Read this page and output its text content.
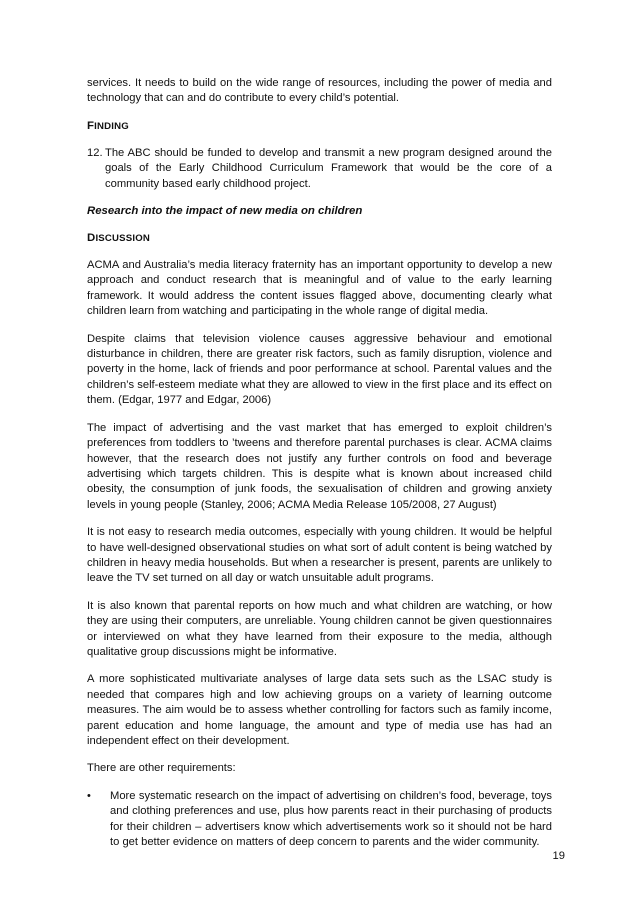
services. It needs to build on the wide range of resources, including the power of media and technology that can and do contribute to every child’s potential.

FINDING

12. The ABC should be funded to develop and transmit a new program designed around the goals of the Early Childhood Curriculum Framework that would be the core of a community based early childhood project.

Research into the impact of new media on children
DISCUSSION

ACMA and Australia’s media literacy fraternity has an important opportunity to develop a new approach and conduct research that is meaningful and of value to the early learning framework. It would address the content issues flagged above, documenting clearly what children learn from watching and participating in the whole range of digital media.

Despite claims that television violence causes aggressive behaviour and emotional disturbance in children, there are greater risk factors, such as family disruption, violence and poverty in the home, lack of friends and poor performance at school. Parental values and the children’s self-esteem mediate what they are allowed to view in the first place and its effect on them. (Edgar, 1977 and Edgar, 2006)

The impact of advertising and the vast market that has emerged to exploit children’s preferences from toddlers to ’tweens and therefore parental purchases is clear. ACMA claims however, that the research does not justify any further controls on food and beverage advertising which targets children. This is despite what is known about increased child obesity, the consumption of junk foods, the sexualisation of children and growing anxiety levels in young people (Stanley, 2006; ACMA Media Release 105/2008, 27 August)

It is not easy to research media outcomes, especially with young children. It would be helpful to have well-designed observational studies on what sort of adult content is being watched by children in heavy media households. But when a researcher is present, parents are unlikely to leave the TV set turned on all day or watch unsuitable adult programs.

It is also known that parental reports on how much and what children are watching, or how they are using their computers, are unreliable. Young children cannot be given questionnaires or interviewed on what they have learned from their exposure to the media, although qualitative group discussions might be informative.

A more sophisticated multivariate analyses of large data sets such as the LSAC study is needed that compares high and low achieving groups on a variety of learning outcome measures. The aim would be to assess whether controlling for factors such as family income, parent education and home language, the amount and type of media use has had an independent effect on their development.

There are other requirements:

•	More systematic research on the impact of advertising on children’s food, beverage, toys and clothing preferences and use, plus how parents react in their purchasing of products for their children – advertisers know which advertisements work so it should not be hard to get better evidence on matters of deep concern to parents and the wider community.

19
